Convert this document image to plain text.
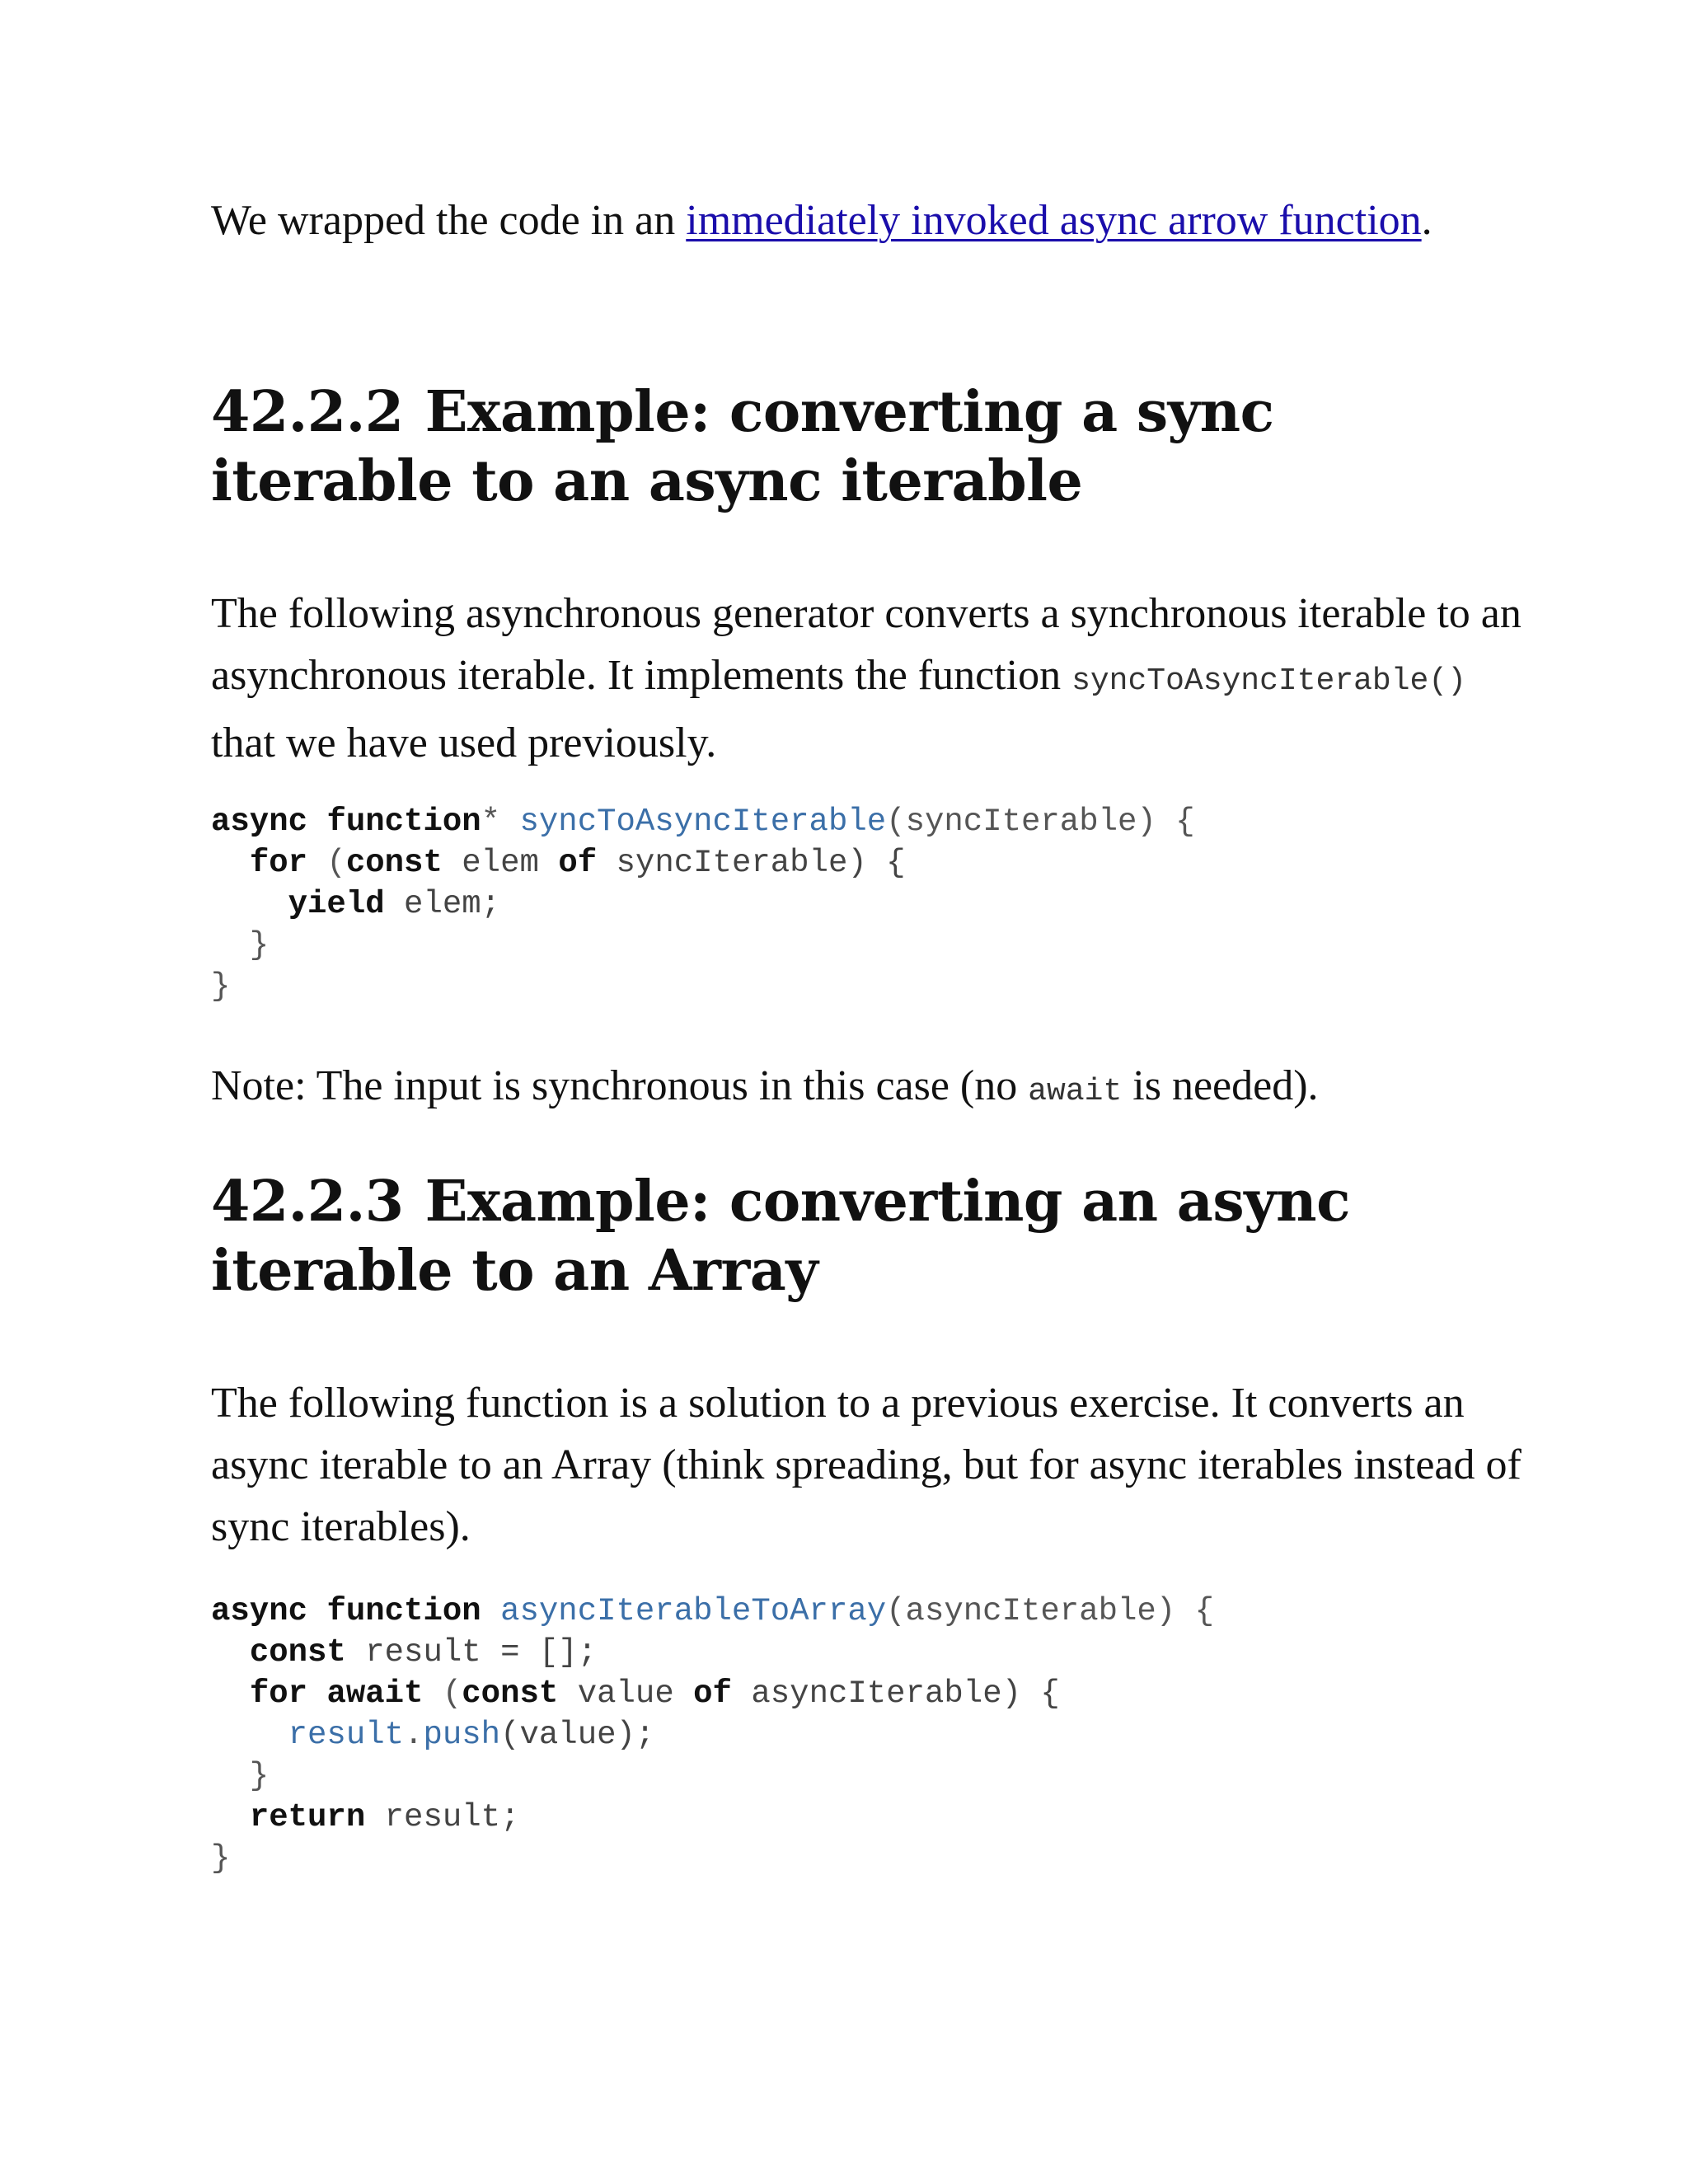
We wrapped the code in an immediately invoked async arrow function.

42.2.2 Example: converting a sync
iterable to an async iterable

The following asynchronous generator converts a synchronous iterable to an asynchronous iterable. It implements the function syncToAsyncIterable() that we have used previously.

async function* syncToAsyncIterable(syncIterable) {
for (const elem of syncIterable) {
yield elem;
}
}

Note: The input is synchronous in this case (no await is needed).

42.2.3 Example: converting an async
iterable to an Array

The following function is a solution to a previous exercise. It converts an async iterable to an Array (think spreading, but for async iterables instead of sync iterables).

async function asyncIterableToArray(asyncIterable) {
const result = [];
for await (const value of asyncIterable) {
result.push(value);
}
return result;
}
